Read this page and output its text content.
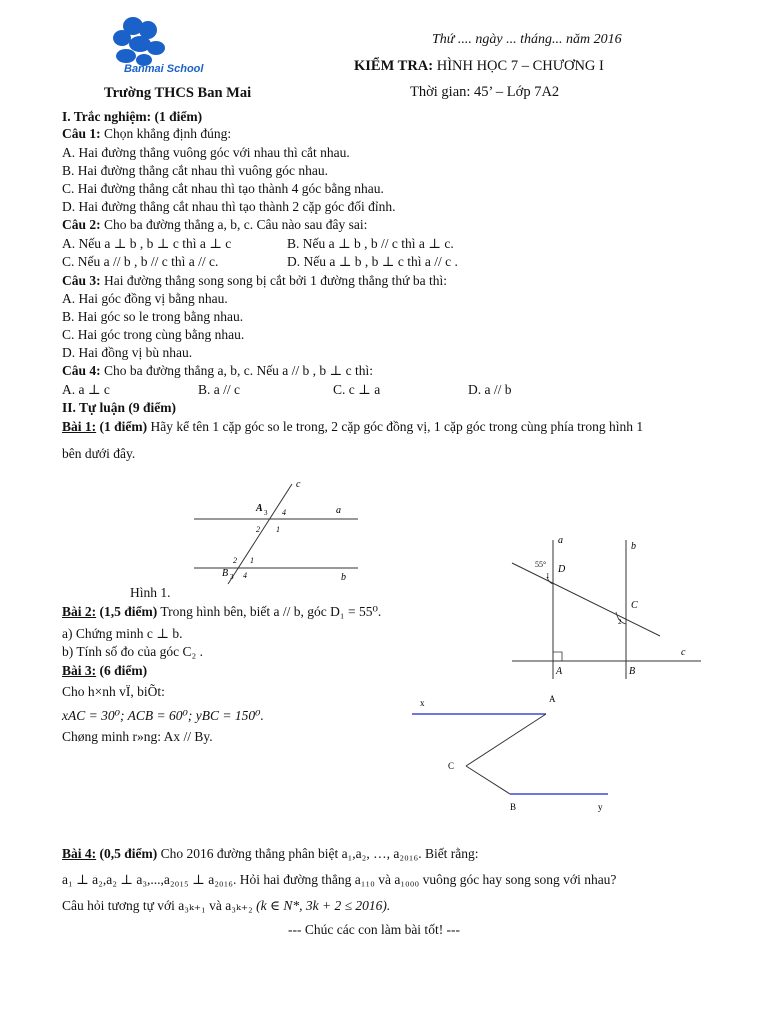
Banmai School
Trường THCS Ban Mai
Thứ .... ngày ... tháng... năm 2016
KIỂM TRA: HÌNH HỌC 7 – CHƯƠNG I
Thời gian: 45’ – Lớp 7A2
I. Trắc nghiệm: (1 điểm)
Câu 1: Chọn khẳng định đúng:
A. Hai đường thẳng vuông góc với nhau thì cắt nhau.
B. Hai đường thẳng cắt nhau thì vuông góc nhau.
C. Hai đường thẳng cắt nhau thì tạo thành 4 góc bằng nhau.
D. Hai đường thẳng cắt nhau thì tạo thành 2 cặp góc đối đỉnh.
Câu 2: Cho ba đường thẳng a, b, c. Câu nào sau đây sai:
A. Nếu a ⊥ b , b ⊥ c thì a ⊥ c	B. Nếu a ⊥ b , b // c thì a ⊥ c.
C. Nếu a // b , b // c thì a // c.	D. Nếu a ⊥ b , b ⊥ c thì a // c .
Câu 3: Hai đường thẳng song song bị cắt bởi 1 đường thẳng thứ ba thì:
A. Hai góc đồng vị bằng nhau.
B. Hai góc so le trong bằng nhau.
C. Hai góc trong cùng bằng nhau.
D. Hai đồng vị bù nhau.
Câu 4: Cho ba đường thẳng a, b, c. Nếu a // b , b ⊥ c thì:
A. a ⊥ c	B. a // c	C. c ⊥ a	D. a // b
II. Tự luận (9 điểm)
Bài 1: (1 điểm) Hãy kể tên 1 cặp góc so le trong, 2 cặp góc đồng vị, 1 cặp góc trong cùng phía trong hình 1
bên dưới đây.
c
a
b
A 3 4
2 1
2 1
B 3 4
Hình 1.
Bài 2: (1,5 điểm) Trong hình bên, biết a // b, góc D₁ = 55⁰.
a) Chứng minh c ⊥ b.
b) Tính số đo của góc C₂ .
a
b
c
55° D
1
C
2
A	B
Bài 3: (6 điểm)
Cho h×nh vÏ, biÕt:
xAC = 30⁰; ACB = 60⁰; yBC = 150⁰.
Chøng minh r»ng: Ax // By.
x	A
C
B	y
Bài 4: (0,5 điểm) Cho 2016 đường thẳng phân biệt a₁,a₂, …, a₂₀₁₆. Biết rằng:
a₁ ⊥ a₂,a₂ ⊥ a₃,...,a₂₀₁₅ ⊥ a₂₀₁₆. Hỏi hai đường thẳng a₁₁₀ và a₁₀₀₀ vuông góc hay song song với nhau?
Câu hỏi tương tự với a₃ₖ₊₁ và a₃ₖ₊₂ (k ∈ N*, 3k + 2 ≤ 2016).
--- Chúc các con làm bài tốt! ---
